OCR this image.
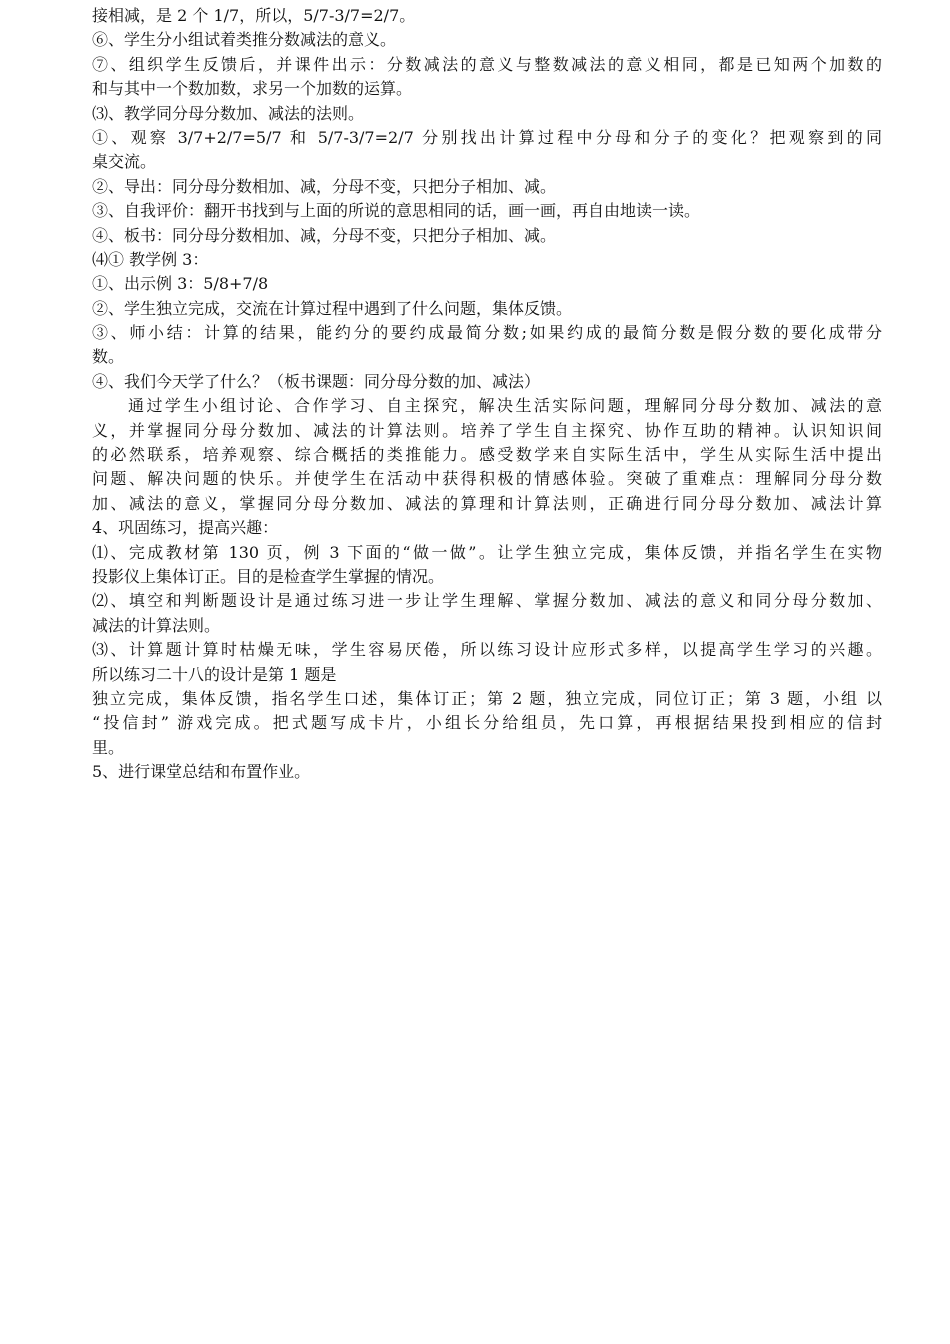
接相减，是 2 个 1/7，所以，5/7-3/7=2/7。
⑥、学生分小组试着类推分数减法的意义。
⑦、组织学生反馈后，并课件出示：分数减法的意义与整数减法的意义相同，都是已知两个加数的
和与其中一个数加数，求另一个加数的运算。
⑶、教学同分母分数加、减法的法则。
①、观察 3/7+2/7=5/7 和 5/7-3/7=2/7 分别找出计算过程中分母和分子的变化？把观察到的同
桌交流。
②、导出：同分母分数相加、减，分母不变，只把分子相加、减。
③、自我评价：翻开书找到与上面的所说的意思相同的话，画一画，再自由地读一读。
④、板书：同分母分数相加、减，分母不变，只把分子相加、减。
⑷① 教学例 3：
①、出示例 3：5/8+7/8
②、学生独立完成，交流在计算过程中遇到了什么问题，集体反馈。
③、师小结：计算的结果，能约分的要约成最简分数;如果约成的最简分数是假分数的要化成带分
数。
④、我们今天学了什么？（板书课题：同分母分数的加、减法）
通过学生小组讨论、合作学习、自主探究，解决生活实际问题，理解同分母分数加、减法的意
义，并掌握同分母分数加、减法的计算法则。培养了学生自主探究、协作互助的精神。认识知识间
的必然联系，培养观察、综合概括的类推能力。感受数学来自实际生活中，学生从实际生活中提出
问题、解决问题的快乐。并使学生在活动中获得积极的情感体验。突破了重难点：理解同分母分数
加、减法的意义，掌握同分母分数加、减法的算理和计算法则，正确进行同分母分数加、减法计算
4、巩固练习，提高兴趣：
⑴、完成教材第 130 页，例 3 下面的“做一做”。让学生独立完成，集体反馈，并指名学生在实物
投影仪上集体订正。目的是检查学生掌握的情况。
⑵、填空和判断题设计是通过练习进一步让学生理解、掌握分数加、减法的意义和同分母分数加、
减法的计算法则。
⑶、计算题计算时枯燥无味，学生容易厌倦，所以练习设计应形式多样，以提高学生学习的兴趣。
所以练习二十八的设计是第 1 题是
独立完成，集体反馈，指名学生口述，集体订正；第 2 题，独立完成，同位订正；第 3 题，小组 以
“投信封” 游戏完成。把式题写成卡片，小组长分给组员，先口算，再根据结果投到相应的信封
里。
5、进行课堂总结和布置作业。
